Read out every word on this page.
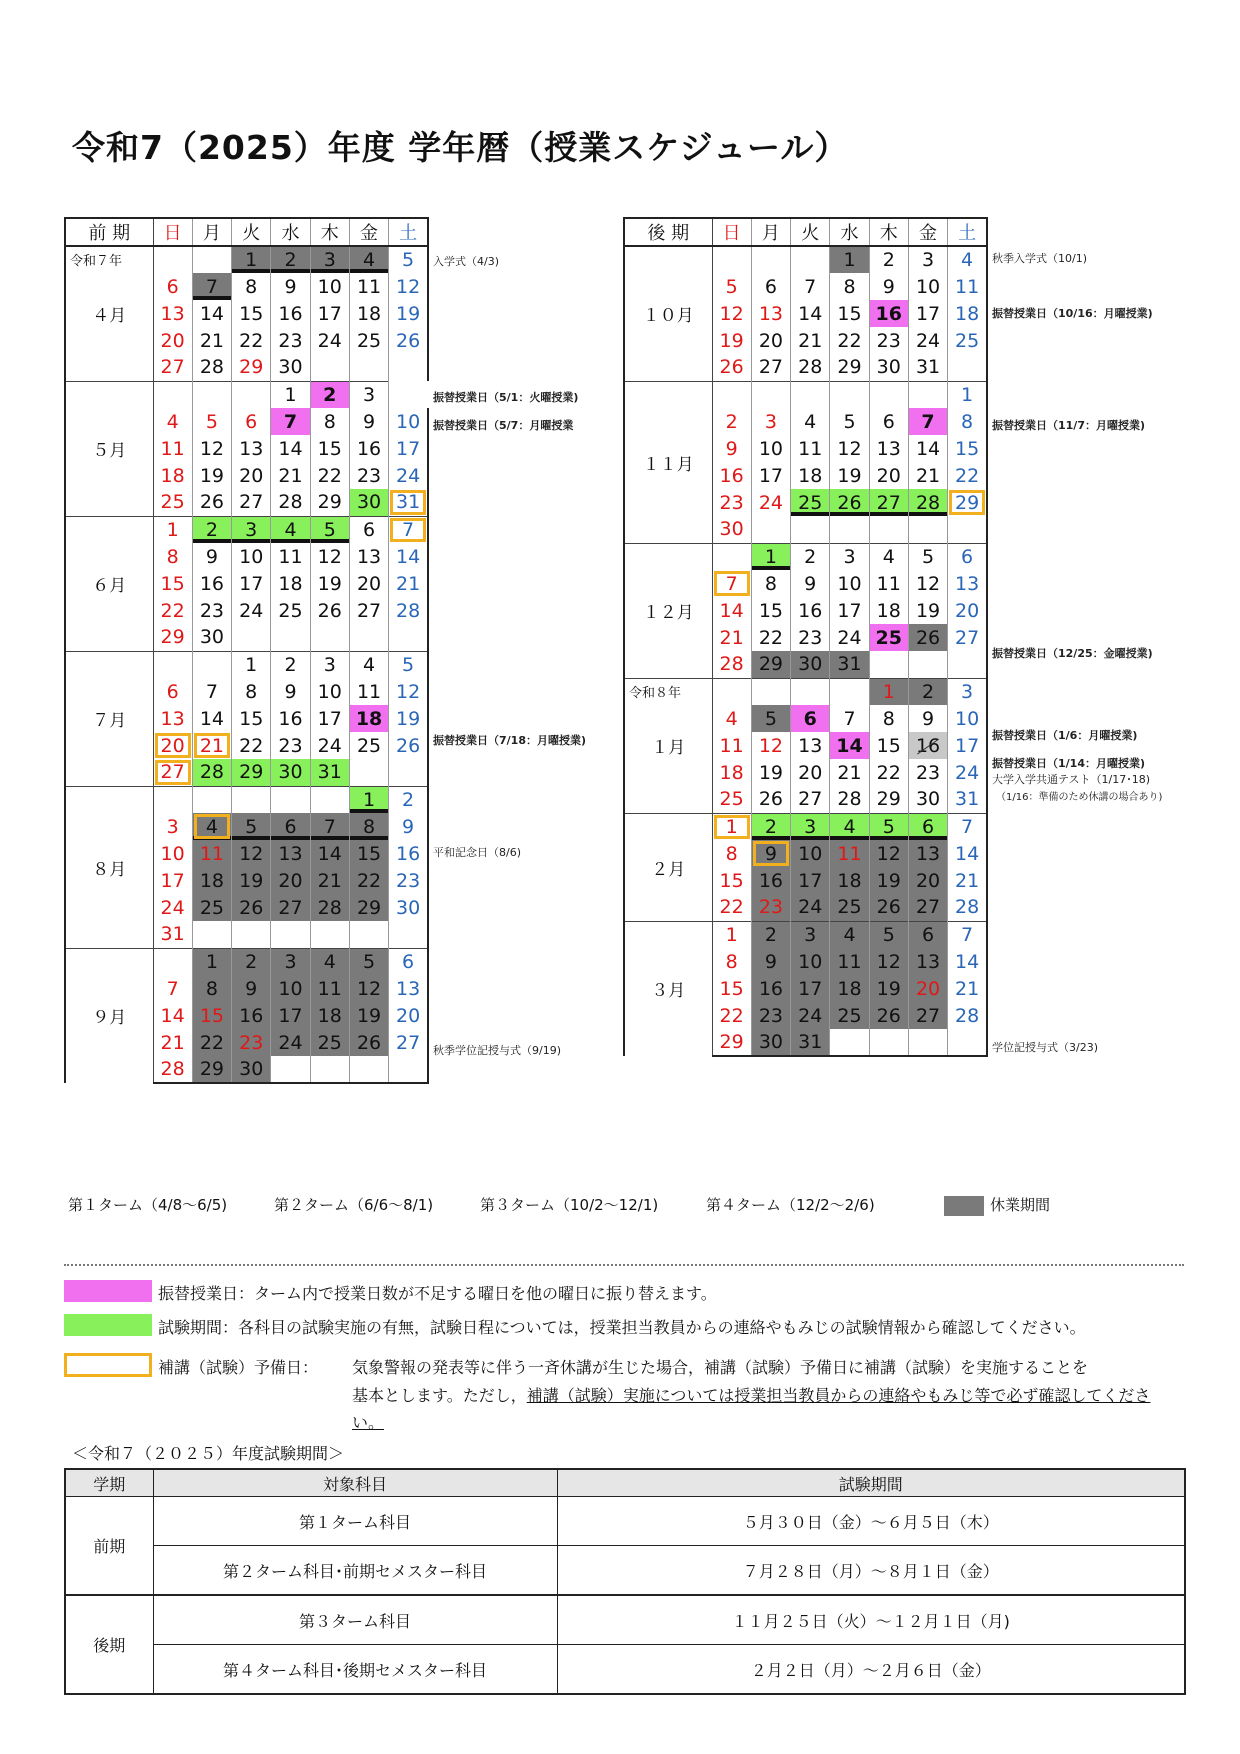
令和7（2025）年度 学年暦（授業スケジュール）
前 期	日	月	火	水	木	金	土

令和７年
４月			1	2	3	4	5
	6	7	8	9	10	11	12
	13	14	15	16	17	18	19
	20	21	22	23	24	25	26
	27	28	29	30			
５月				1	2	3	
	4	5	6	7	8	9	10
	11	12	13	14	15	16	17
	18	19	20	21	22	23	24
	25	26	27	28	29	30	31
６月	1	2	3	4	5	6	7
	8	9	10	11	12	13	14
	15	16	17	18	19	20	21
	22	23	24	25	26	27	28
	29	30					
７月			1	2	3	4	5
	6	7	8	9	10	11	12
	13	14	15	16	17	18	19
	20	21	22	23	24	25	26
	27	28	29	30	31		
８月						1	2
	3	4	5	6	7	8	9
	10	11	12	13	14	15	16
	17	18	19	20	21	22	23
	24	25	26	27	28	29	30
	31						
９月		1	2	3	4	5	6
	7	8	9	10	11	12	13
	14	15	16	17	18	19	20
	21	22	23	24	25	26	27
	28	29	30				
後 期	日	月	火	水	木	金	土
１０月				1	2	3	4
	5	6	7	8	9	10	11
	12	13	14	15	16	17	18
	19	20	21	22	23	24	25
	26	27	28	29	30	31	
１１月							1
	2	3	4	5	6	7	8
	9	10	11	12	13	14	15
	16	17	18	19	20	21	22
	23	24	25	26	27	28	29
	30						
１２月		1	2	3	4	5	6
	7	8	9	10	11	12	13
	14	15	16	17	18	19	20
	21	22	23	24	25	26	27
	28	29	30	31			

令和８年
１月					1	2	3
	4	5	6	7	8	9	10
	11	12	13	14	15	16	17
	18	19	20	21	22	23	24
	25	26	27	28	29	30	31
２月	1	2	3	4	5	6	7
	8	9	10	11	12	13	14
	15	16	17	18	19	20	21
	22	23	24	25	26	27	28
３月	1	2	3	4	5	6	7
	8	9	10	11	12	13	14
	15	16	17	18	19	20	21
	22	23	24	25	26	27	28
	29	30	31				
入学式（4/3)
振替授業日（5/1：火曜授業)
振替授業日（5/7：月曜授業
振替授業日（7/18：月曜授業)
平和記念日（8/6)
秋季学位記授与式（9/19)
秋季入学式（10/1)
振替授業日（10/16：月曜授業)
振替授業日（11/7：月曜授業)
振替授業日（12/25：金曜授業)
振替授業日（1/6：月曜授業)
振替授業日（1/14：月曜授業)
大学入学共通テスト（1/17･18)
（1/16：準備のため休講の場合あり)
学位記授与式（3/23)
第１ターム（4/8～6/5)	第２ターム（6/6～8/1)	第３ターム（10/2～12/1)	第４ターム（12/2～2/6)	休業期間
振替授業日：ターム内で授業日数が不足する曜日を他の曜日に振り替えます。
試験期間：各科目の試験実施の有無，試験日程については，授業担当教員からの連絡やもみじの試験情報から確認してください。
補講（試験）予備日： 気象警報の発表等に伴う一斉休講が生じた場合，補講（試験）予備日に補講（試験）を実施することを
基本とします。ただし，補講（試験）実施については授業担当教員からの連絡やもみじ等で必ず確認してくださ
い。
＜令和７（２０２５）年度試験期間＞
学期	対象科目	試験期間
前期	第１ターム科目	５月３０日（金）～６月５日（木）
	第２ターム科目･前期セメスター科目	７月２８日（月）～８月１日（金）
後期	第３ターム科目	１１月２５日（火）～１２月１日（月)
	第４ターム科目･後期セメスター科目	２月２日（月）～２月６日（金）
